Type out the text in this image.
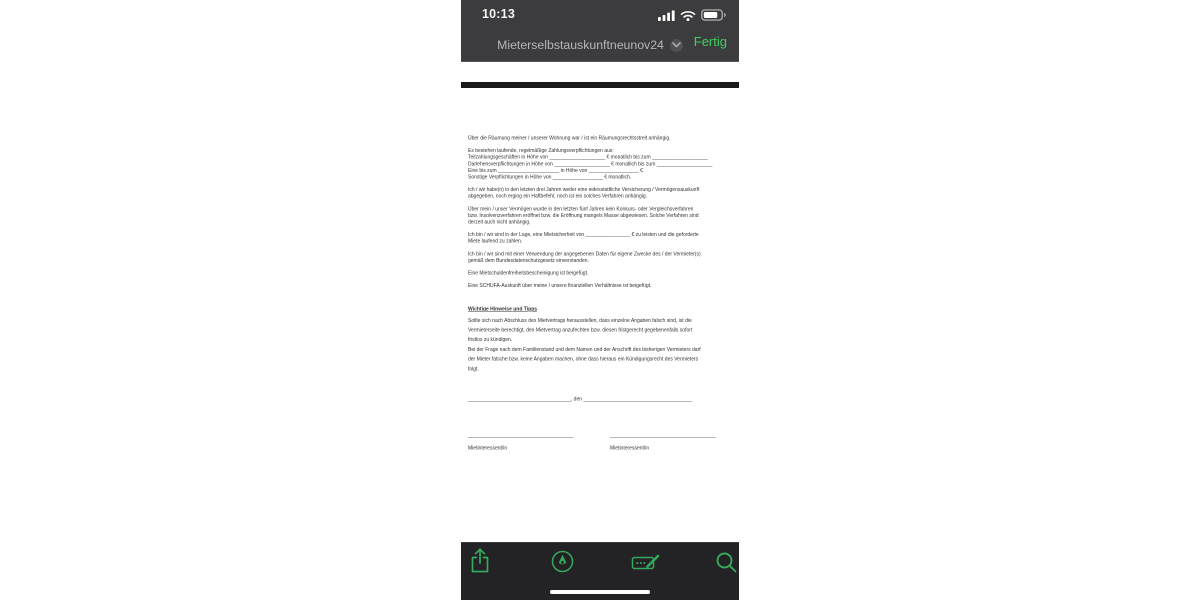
10:13
Mieterselbstauskunftneunov24 Fertig
Über die Räumung meiner / unserer Wohnung war / ist ein Räumungsrechtsstreit anhängig.
Es bestehen laufende, regelmäßige Zahlungsverpflichtungen aus:
Teilzahlungsgeschäften in Höhe von ____________________ € monatlich bis zum ____________________
Darlehensverpflichtungen in Höhe von ____________________ € monatlich bis zum ____________________
Eine bis zum ______________________ in Höhe von __________________ €.
Sonstige Verpflichtungen in Höhe von __________________ € monatlich.
Ich / wir habe(n) in den letzten drei Jahren weder eine eidesstattliche Versicherung / Vermögensauskunft
abgegeben, noch erging ein Haftbefehl, noch ist ein solches Verfahren anhängig.
Über mein / unser Vermögen wurde in den letzten fünf Jahren kein Konkurs- oder Vergleichsverfahren
bzw. Insolvenzverfahren eröffnet bzw. die Eröffnung mangels Masse abgewiesen. Solche Verfahren sind
derzeit auch nicht anhängig.
Ich bin / wir sind in der Lage, eine Mietsicherheit von ________________ € zu leisten und die geforderte
Miete laufend zu zahlen.
Ich bin / wir sind mit einer Verwendung der angegebenen Daten für eigene Zwecke des / der Vermieter(s)
gemäß dem Bundesdatenschutzgesetz einverstanden.
Eine Mietschuldenfreiheitsbescheinigung ist beigefügt.
Eine SCHUFA-Auskunft über meine / unsere finanziellen Verhältnisse ist beigefügt.
Wichtige Hinweise und Tipps
Sollte sich nach Abschluss des Mietvertrags herausstellen, dass einzelne Angaben falsch sind, ist die
Vermieterseite berechtigt, den Mietvertrag anzufechten bzw. diesen fristgerecht gegebenenfalls sofort
fristlos zu kündigen.
Bei der Frage nach dem Familienstand und dem Namen und der Anschrift des bisherigen Vermieters darf
der Mieter falsche bzw. keine Angaben machen, ohne dass hieraus ein Kündigungsrecht des Vermieters
folgt.
_____________________________________, den _______________________________________
______________________________________
Mietinteressent/in
______________________________________
Mietinteressent/in
